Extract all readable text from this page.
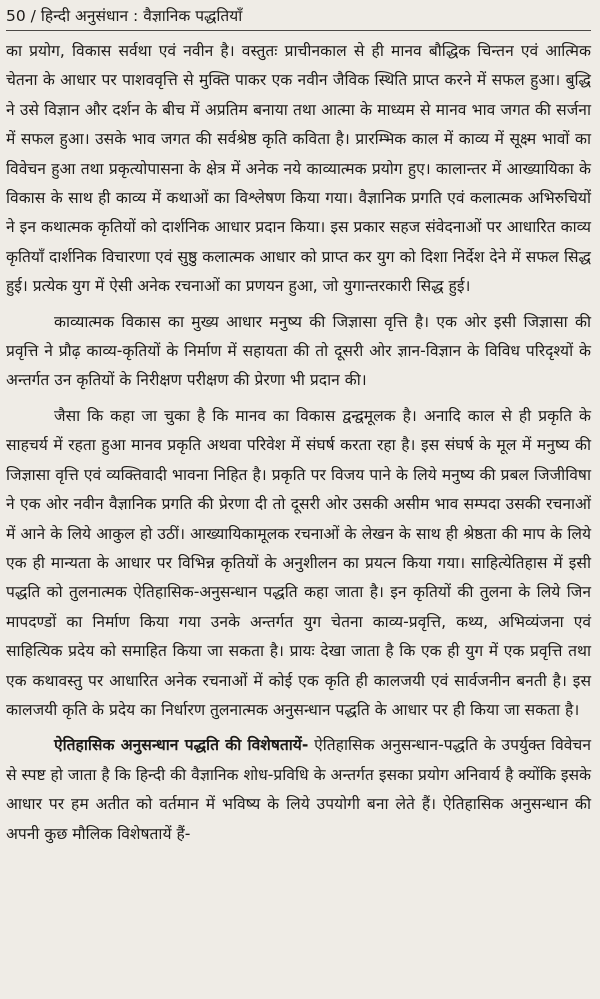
50 / हिन्दी अनुसंधान : वैज्ञानिक पद्धतियाँ

का प्रयोग, विकास सर्वथा एवं नवीन है। वस्तुतः प्राचीनकाल से ही मानव बौद्धिक चिन्तन एवं आत्मिक चेतना के आधार पर पाशववृत्ति से मुक्ति पाकर एक नवीन जैविक स्थिति प्राप्त करने में सफल हुआ। बुद्धि ने उसे विज्ञान और दर्शन के बीच में अप्रतिम बनाया तथा आत्मा के माध्यम से मानव भाव जगत की सर्जना में सफल हुआ। उसके भाव जगत की सर्वश्रेष्ठ कृति कविता है। प्रारम्भिक काल में काव्य में सूक्ष्म भावों का विवेचन हुआ तथा प्रकृत्योपासना के क्षेत्र में अनेक नये काव्यात्मक प्रयोग हुए। कालान्तर में आख्यायिका के विकास के साथ ही काव्य में कथाओं का विश्लेषण किया गया। वैज्ञानिक प्रगति एवं कलात्मक अभिरुचियों ने इन कथात्मक कृतियों को दार्शनिक आधार प्रदान किया। इस प्रकार सहज संवेदनाओं पर आधारित काव्य कृतियाँ दार्शनिक विचारणा एवं सुष्ठु कलात्मक आधार को प्राप्त कर युग को दिशा निर्देश देने में सफल सिद्ध हुई। प्रत्येक युग में ऐसी अनेक रचनाओं का प्रणयन हुआ, जो युगान्तरकारी सिद्ध हुई।

काव्यात्मक विकास का मुख्य आधार मनुष्य की जिज्ञासा वृत्ति है। एक ओर इसी जिज्ञासा की प्रवृत्ति ने प्रौढ़ काव्य-कृतियों के निर्माण में सहायता की तो दूसरी ओर ज्ञान-विज्ञान के विविध परिदृश्यों के अन्तर्गत उन कृतियों के निरीक्षण परीक्षण की प्रेरणा भी प्रदान की।

जैसा कि कहा जा चुका है कि मानव का विकास द्वन्द्वमूलक है। अनादि काल से ही प्रकृति के साहचर्य में रहता हुआ मानव प्रकृति अथवा परिवेश में संघर्ष करता रहा है। इस संघर्ष के मूल में मनुष्य की जिज्ञासा वृत्ति एवं व्यक्तिवादी भावना निहित है। प्रकृति पर विजय पाने के लिये मनुष्य की प्रबल जिजीविषा ने एक ओर नवीन वैज्ञानिक प्रगति की प्रेरणा दी तो दूसरी ओर उसकी असीम भाव सम्पदा उसकी रचनाओं में आने के लिये आकुल हो उठीं। आख्यायिकामूलक रचनाओं के लेखन के साथ ही श्रेष्ठता की माप के लिये एक ही मान्यता के आधार पर विभिन्न कृतियों के अनुशीलन का प्रयत्न किया गया। साहित्येतिहास में इसी पद्धति को तुलनात्मक ऐतिहासिक-अनुसन्धान पद्धति कहा जाता है। इन कृतियों की तुलना के लिये जिन मापदण्डों का निर्माण किया गया उनके अन्तर्गत युग चेतना काव्य-प्रवृत्ति, कथ्य, अभिव्यंजना एवं साहित्यिक प्रदेय को समाहित किया जा सकता है। प्रायः देखा जाता है कि एक ही युग में एक प्रवृत्ति तथा एक कथावस्तु पर आधारित अनेक रचनाओं में कोई एक कृति ही कालजयी एवं सार्वजनीन बनती है। इस कालजयी कृति के प्रदेय का निर्धारण तुलनात्मक अनुसन्धान पद्धति के आधार पर ही किया जा सकता है।

ऐतिहासिक अनुसन्धान पद्धति की विशेषतायें- ऐतिहासिक अनुसन्धान-पद्धति के उपर्युक्त विवेचन से स्पष्ट हो जाता है कि हिन्दी की वैज्ञानिक शोध-प्रविधि के अन्तर्गत इसका प्रयोग अनिवार्य है क्योंकि इसके आधार पर हम अतीत को वर्तमान में भविष्य के लिये उपयोगी बना लेते हैं। ऐतिहासिक अनुसन्धान की अपनी कुछ मौलिक विशेषतायें हैं-
